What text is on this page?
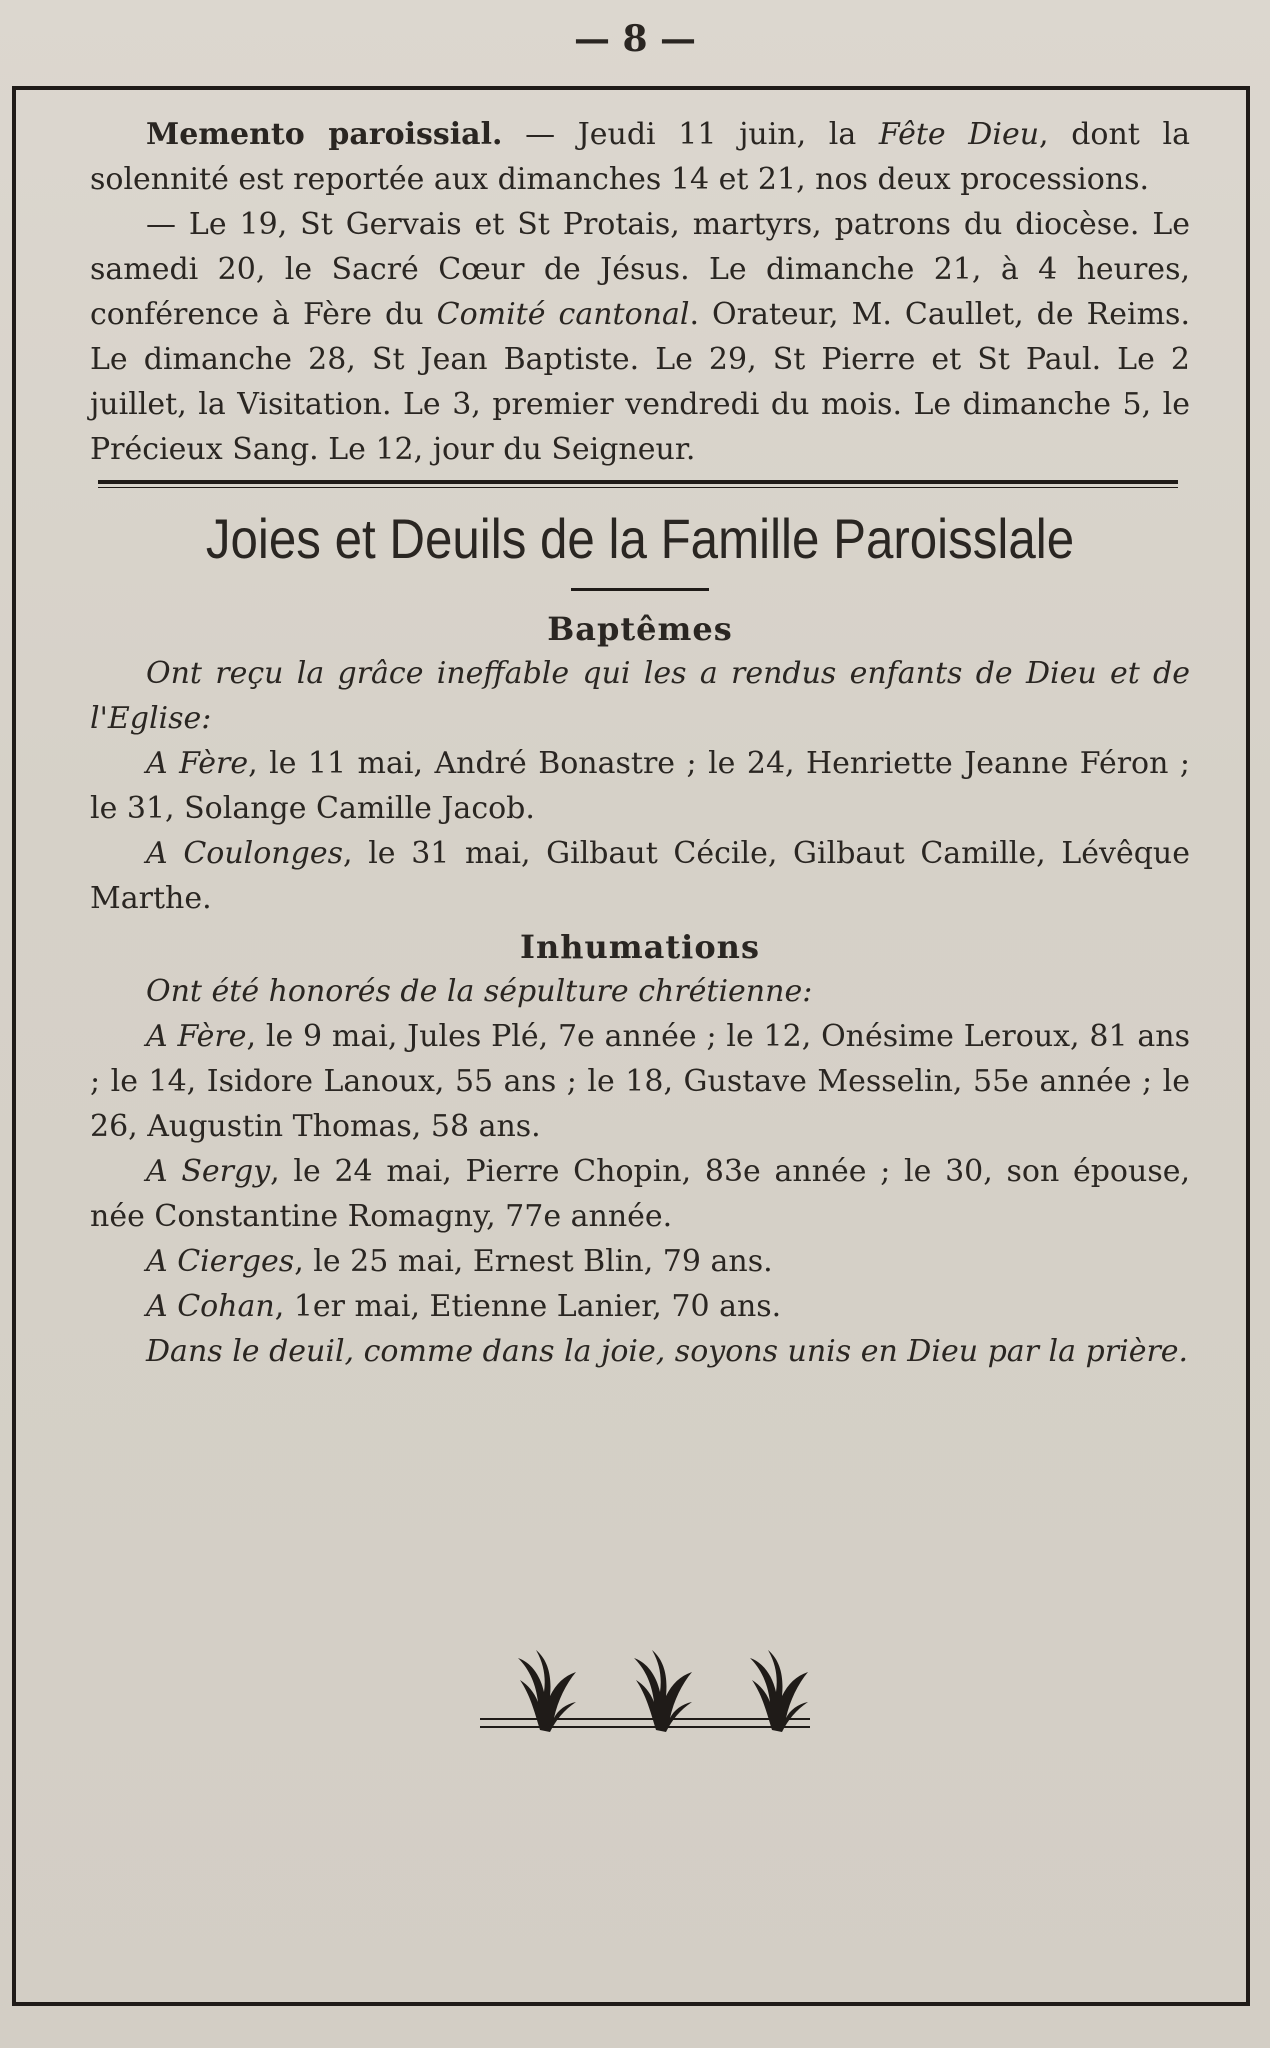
— 8 —

Memento paroissial. — Jeudi 11 juin, la Fête Dieu, dont la solennité est reportée aux dimanches 14 et 21, nos deux processions.

— Le 19, St Gervais et St Protais, martyrs, patrons du diocèse. Le samedi 20, le Sacré Cœur de Jésus. Le dimanche 21, à 4 heures, conférence à Fère du Comité cantonal. Orateur, M. Caullet, de Reims. Le dimanche 28, St Jean Baptiste. Le 29, St Pierre et St Paul. Le 2 juillet, la Visitation. Le 3, premier vendredi du mois. Le dimanche 5, le Précieux Sang. Le 12, jour du Seigneur.

Joies et Deuils de la Famille Paroisslale
Baptêmes

Ont reçu la grâce ineffable qui les a rendus enfants de Dieu et de l'Eglise:

A Fère, le 11 mai, André Bonastre ; le 24, Henriette Jeanne Féron ; le 31, Solange Camille Jacob.

A Coulonges, le 31 mai, Gilbaut Cécile, Gilbaut Camille, Lévêque Marthe.

Inhumations

Ont été honorés de la sépulture chrétienne:

A Fère, le 9 mai, Jules Plé, 7e année ; le 12, Onésime Leroux, 81 ans ; le 14, Isidore Lanoux, 55 ans ; le 18, Gustave Messelin, 55e année ; le 26, Augustin Thomas, 58 ans.

A Sergy, le 24 mai, Pierre Chopin, 83e année ; le 30, son épouse, née Constantine Romagny, 77e année.

A Cierges, le 25 mai, Ernest Blin, 79 ans.

A Cohan, 1er mai, Etienne Lanier, 70 ans.

Dans le deuil, comme dans la joie, soyons unis en Dieu par la prière.
